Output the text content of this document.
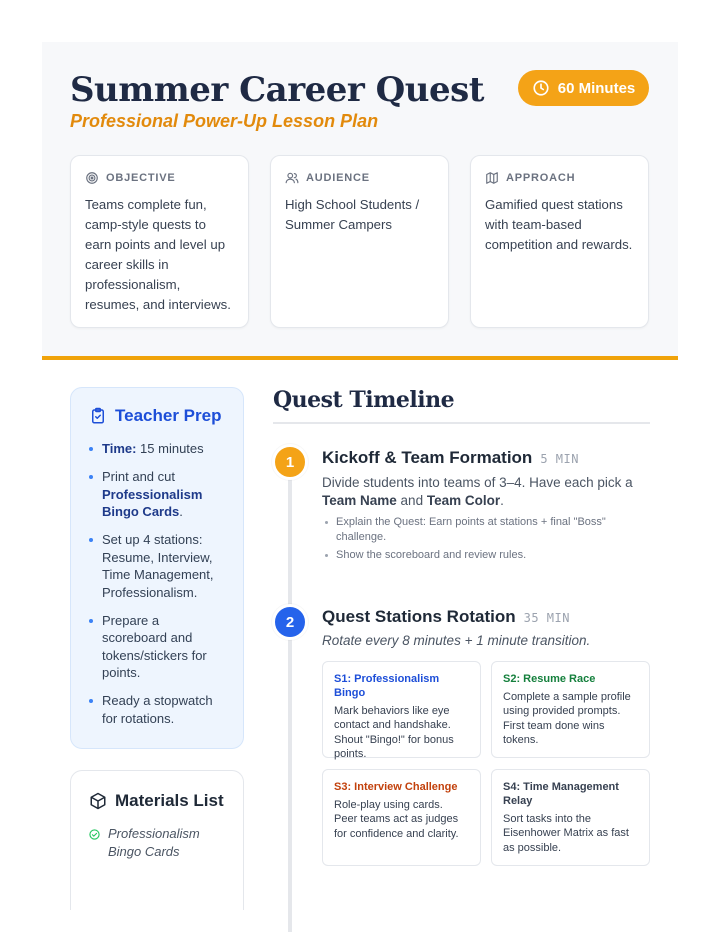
Summer Career Quest
Professional Power-Up Lesson Plan
60 Minutes
OBJECTIVE
Teams complete fun, camp-style quests to earn points and level up career skills in professionalism, resumes, and interviews.
AUDIENCE
High School Students / Summer Campers
APPROACH
Gamified quest stations with team-based competition and rewards.
Teacher Prep
Time: 15 minutes
Print and cut Professionalism Bingo Cards.
Set up 4 stations: Resume, Interview, Time Management, Professionalism.
Prepare a scoreboard and tokens/stickers for points.
Ready a stopwatch for rotations.
Materials List
Professionalism Bingo Cards
Quest Timeline
1	Kickoff & Team Formation 5 MIN
Divide students into teams of 3–4. Have each pick a Team Name and Team Color.
Explain the Quest: Earn points at stations + final "Boss" challenge.
Show the scoreboard and review rules.
2	Quest Stations Rotation 35 MIN
Rotate every 8 minutes + 1 minute transition.
S1: Professionalism Bingo
Mark behaviors like eye contact and handshake. Shout "Bingo!" for bonus points.
S2: Resume Race
Complete a sample profile using provided prompts. First team done wins tokens.
S3: Interview Challenge
Role-play using cards. Peer teams act as judges for confidence and clarity.
S4: Time Management Relay
Sort tasks into the Eisenhower Matrix as fast as possible.
